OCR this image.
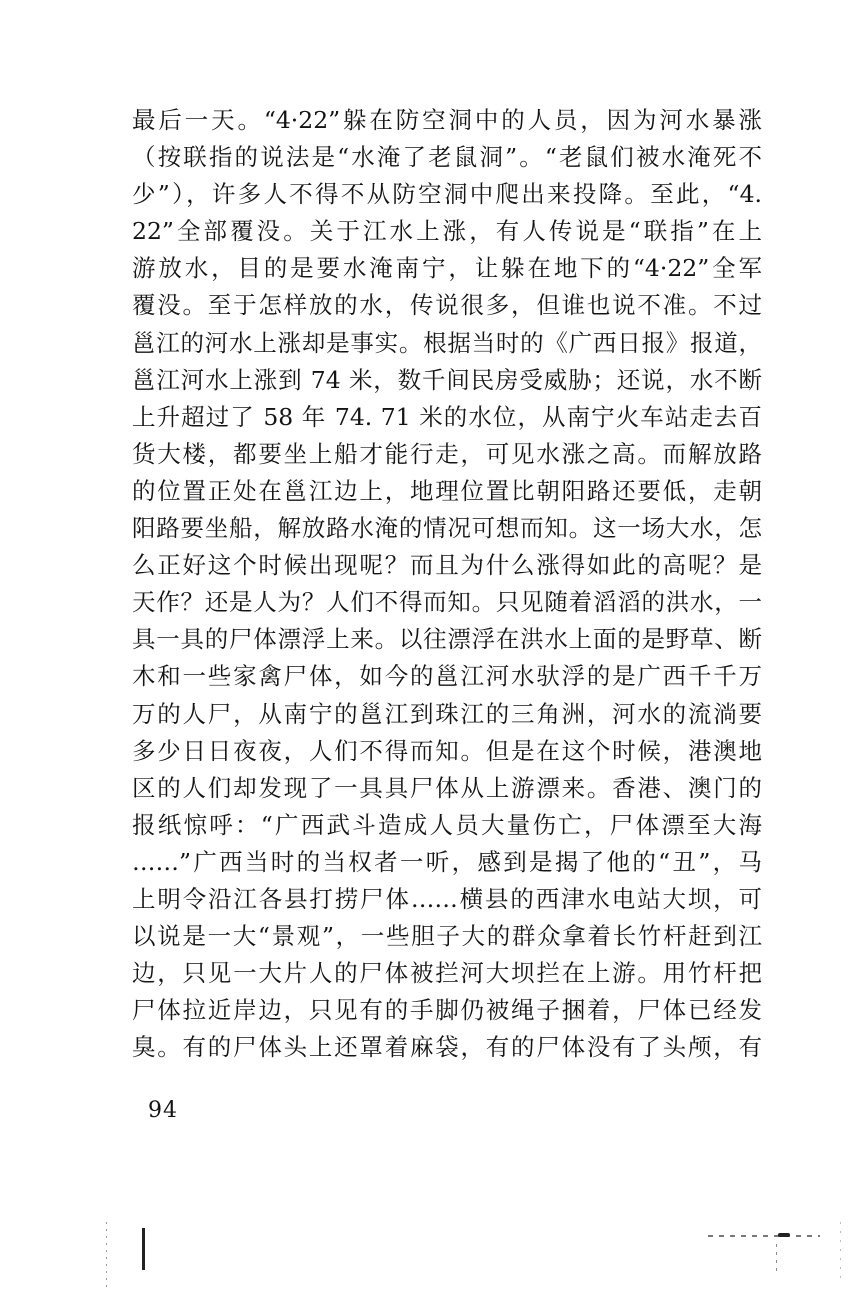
最后一天。“4·22”躲在防空洞中的人员，因为河水暴涨
（按联指的说法是“水淹了老鼠洞”。“老鼠们被水淹死不
少”），许多人不得不从防空洞中爬出来投降。至此，“4.
22”全部覆没。关于江水上涨，有人传说是“联指”在上
游放水，目的是要水淹南宁，让躲在地下的“4·22”全军
覆没。至于怎样放的水，传说很多，但谁也说不准。不过
邕江的河水上涨却是事实。根据当时的《广西日报》报道，
邕江河水上涨到 74 米，数千间民房受威胁；还说，水不断
上升超过了 58 年 74. 71 米的水位，从南宁火车站走去百
货大楼，都要坐上船才能行走，可见水涨之高。而解放路
的位置正处在邕江边上，地理位置比朝阳路还要低，走朝
阳路要坐船，解放路水淹的情况可想而知。这一场大水，怎
么正好这个时候出现呢？而且为什么涨得如此的高呢？是
天作？还是人为？人们不得而知。只见随着滔滔的洪水，一
具一具的尸体漂浮上来。以往漂浮在洪水上面的是野草、断
木和一些家禽尸体，如今的邕江河水驮浮的是广西千千万
万的人尸，从南宁的邕江到珠江的三角洲，河水的流淌要
多少日日夜夜，人们不得而知。但是在这个时候，港澳地
区的人们却发现了一具具尸体从上游漂来。香港、澳门的
报纸惊呼：“广西武斗造成人员大量伤亡，尸体漂至大海
……”广西当时的当权者一听，感到是揭了他的“丑”，马
上明令沿江各县打捞尸体……横县的西津水电站大坝，可
以说是一大“景观”，一些胆子大的群众拿着长竹杆赶到江
边，只见一大片人的尸体被拦河大坝拦在上游。用竹杆把
尸体拉近岸边，只见有的手脚仍被绳子捆着，尸体已经发
臭。有的尸体头上还罩着麻袋，有的尸体没有了头颅，有
94
